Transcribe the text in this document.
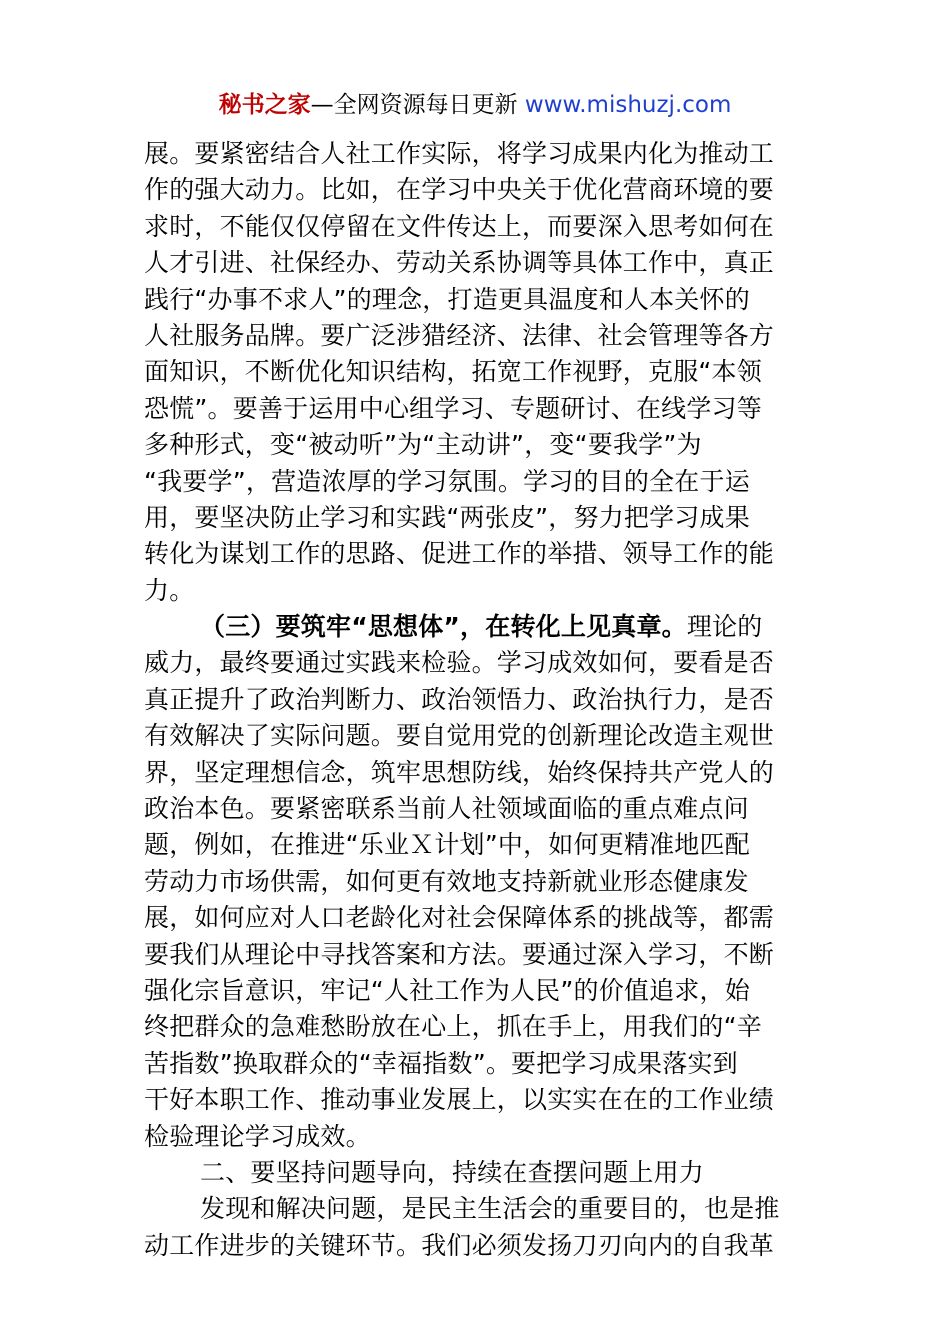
秘书之家—全网资源每日更新 www.mishuzj.com
展。要紧密结合人社工作实际，将学习成果内化为推动工
作的强大动力。比如，在学习中央关于优化营商环境的要
求时，不能仅仅停留在文件传达上，而要深入思考如何在
人才引进、社保经办、劳动关系协调等具体工作中，真正
践行“办事不求人”的理念，打造更具温度和人本关怀的
人社服务品牌。要广泛涉猎经济、法律、社会管理等各方
面知识，不断优化知识结构，拓宽工作视野，克服“本领
恐慌”。要善于运用中心组学习、专题研讨、在线学习等
多种形式，变“被动听”为“主动讲”，变“要我学”为
“我要学”，营造浓厚的学习氛围。学习的目的全在于运
用，要坚决防止学习和实践“两张皮”，努力把学习成果
转化为谋划工作的思路、促进工作的举措、领导工作的能
力。
（三）要筑牢“思想体”，在转化上见真章。理论的
威力，最终要通过实践来检验。学习成效如何，要看是否
真正提升了政治判断力、政治领悟力、政治执行力，是否
有效解决了实际问题。要自觉用党的创新理论改造主观世
界，坚定理想信念，筑牢思想防线，始终保持共产党人的
政治本色。要紧密联系当前人社领域面临的重点难点问
题，例如，在推进“乐业Ｘ计划”中，如何更精准地匹配
劳动力市场供需，如何更有效地支持新就业形态健康发
展，如何应对人口老龄化对社会保障体系的挑战等，都需
要我们从理论中寻找答案和方法。要通过深入学习，不断
强化宗旨意识，牢记“人社工作为人民”的价值追求，始
终把群众的急难愁盼放在心上，抓在手上，用我们的“辛
苦指数”换取群众的“幸福指数”。要把学习成果落实到
干好本职工作、推动事业发展上，以实实在在的工作业绩
检验理论学习成效。
二、要坚持问题导向，持续在查摆问题上用力
发现和解决问题，是民主生活会的重要目的，也是推
动工作进步的关键环节。我们必须发扬刀刃向内的自我革
